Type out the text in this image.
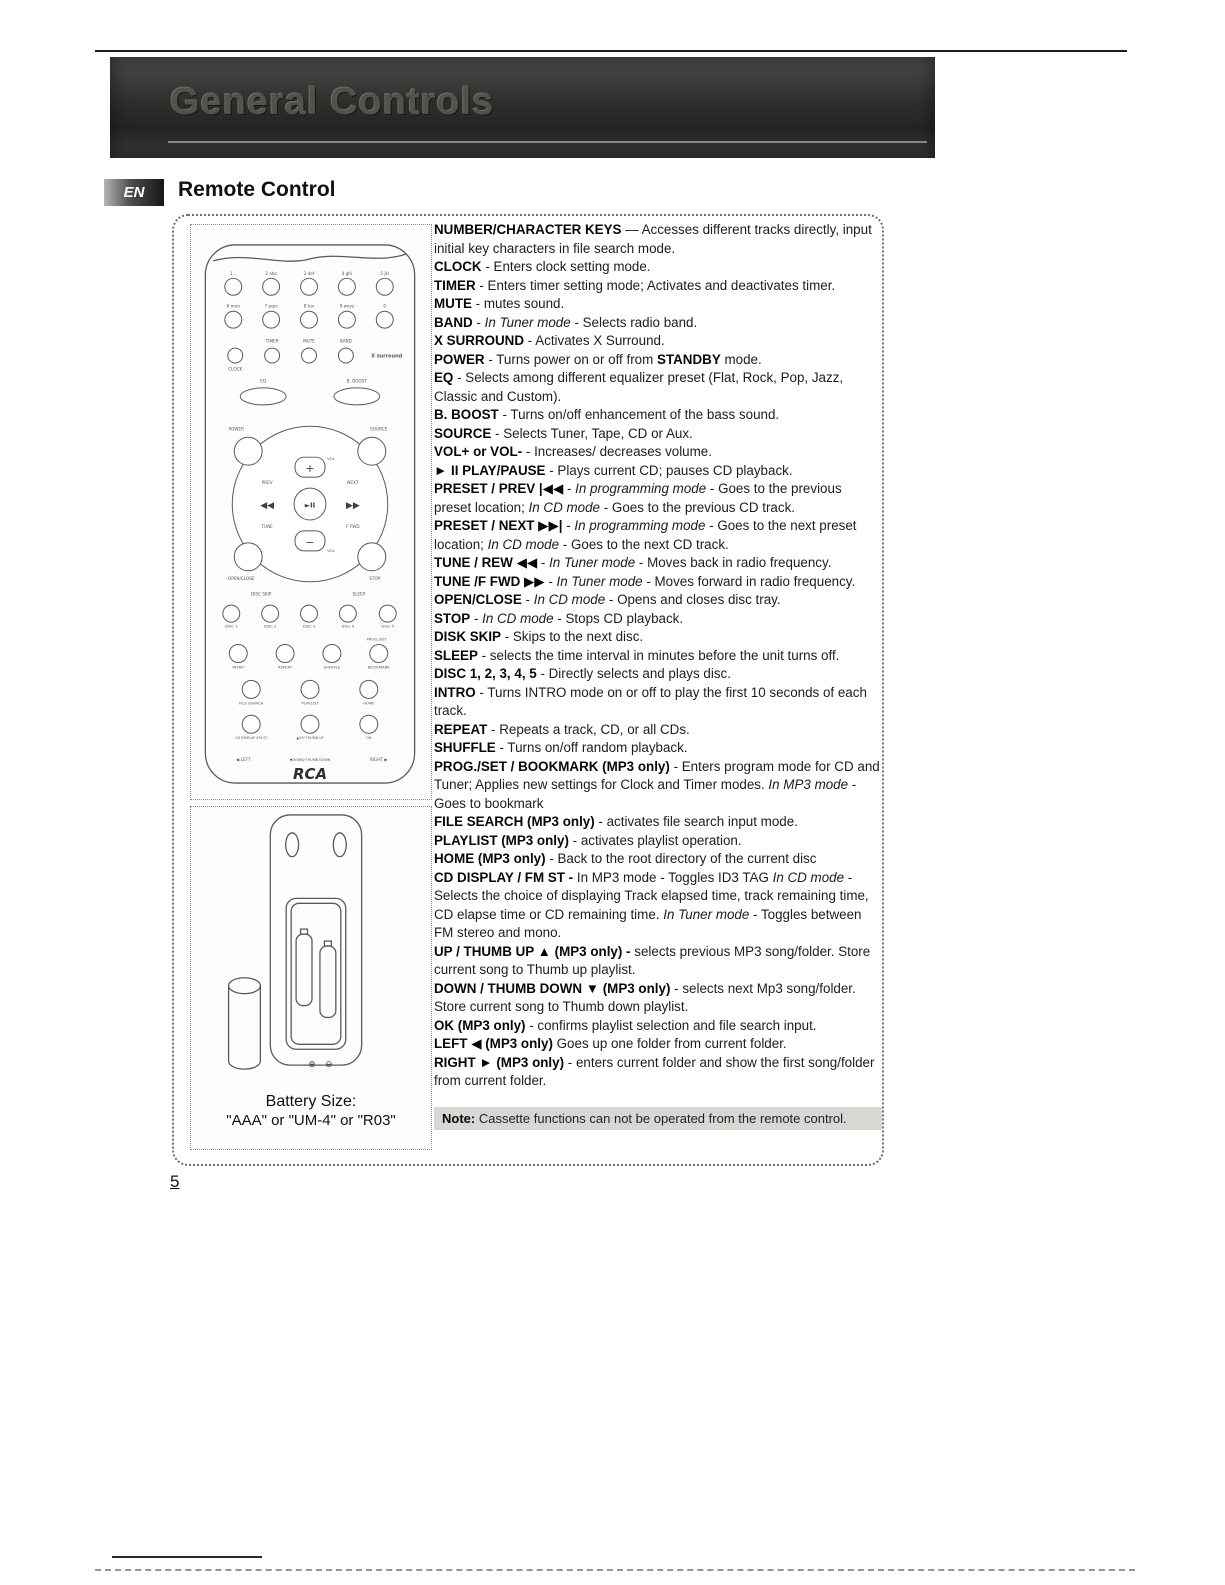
General Controls
EN	Remote Control
1 .,	2 abc	3 def	4 ghi	5 jkl
6 mno	7 pqrs	8 tuv	9 wxyz	0
TIMER	MUTE	BAND
CLOCK
X surround
EQ	B. BOOST
POWER	SOURCE
VOL
VOL
PREV	NEXT
TUNE	F FWD
OPEN/CLOSE	STOP
DISC SKIP	SLEEP
DISC 1	DISC 2	DISC 3	DISC 4	DISC 5
PROG./SET
INTRO	REPEAT	SHUFFLE	BOOKMARK
FILE SEARCH	PLAYLIST	HOME
CD DISPLAY /FM ST	▲UP/ THUMB UP	OK
◀ LEFT	▼DOWN/ THUMB DOWN	RIGHT ▶
+
►II
−
◀◀	▶▶
RCA
⊕ ⊖
Battery Size:
"AAA" or "UM-4" or "R03"

NUMBER/CHARACTER KEYS — Accesses different tracks directly, input initial key characters in file search mode.

CLOCK - Enters clock setting mode.

TIMER - Enters timer setting mode; Activates and deactivates timer.

MUTE - mutes sound.

BAND - In Tuner mode - Selects radio band.

X SURROUND - Activates X Surround.

POWER - Turns power on or off from STANDBY mode.

EQ - Selects among different equalizer preset (Flat, Rock, Pop, Jazz, Classic and Custom).

B. BOOST - Turns on/off enhancement of the bass sound.

SOURCE - Selects Tuner, Tape, CD or Aux.

VOL+ or VOL- - Increases/ decreases volume.

► II PLAY/PAUSE - Plays current CD; pauses CD playback.

PRESET / PREV |◀◀ - In programming mode - Goes to the previous preset location; In CD mode - Goes to the previous CD track.

PRESET / NEXT ▶▶| - In programming mode - Goes to the next preset location; In CD mode - Goes to the next CD track.

TUNE / REW ◀◀ - In Tuner mode - Moves back in radio frequency.

TUNE /F FWD ▶▶ - In Tuner mode - Moves forward in radio frequency.

OPEN/CLOSE - In CD mode - Opens and closes disc tray.

STOP - In CD mode - Stops CD playback.

DISK SKIP - Skips to the next disc.

SLEEP - selects the time interval in minutes before the unit turns off.

DISC 1, 2, 3, 4, 5 - Directly selects and plays disc.

INTRO - Turns INTRO mode on or off to play the first 10 seconds of each track.

REPEAT - Repeats a track, CD, or all CDs.

SHUFFLE - Turns on/off random playback.

PROG./SET / BOOKMARK (MP3 only) - Enters program mode for CD and Tuner; Applies new settings for Clock and Timer modes. In MP3 mode - Goes to bookmark

FILE SEARCH (MP3 only) - activates file search input mode.

PLAYLIST (MP3 only) - activates playlist operation.

HOME (MP3 only) - Back to the root directory of the current disc

CD DISPLAY / FM ST - In MP3 mode - Toggles ID3 TAG In CD mode - Selects the choice of displaying Track elapsed time, track remaining time, CD elapse time or CD remaining time. In Tuner mode - Toggles between FM stereo and mono.

UP / THUMB UP ▲ (MP3 only) - selects previous MP3 song/folder. Store current song to Thumb up playlist.

DOWN / THUMB DOWN ▼ (MP3 only) - selects next Mp3 song/folder. Store current song to Thumb down playlist.

OK (MP3 only) - confirms playlist selection and file search input.

LEFT ◀ (MP3 only) Goes up one folder from current folder.

RIGHT ► (MP3 only) - enters current folder and show the first song/folder from current folder.

Note: Cassette functions can not be operated from the remote control.
5
